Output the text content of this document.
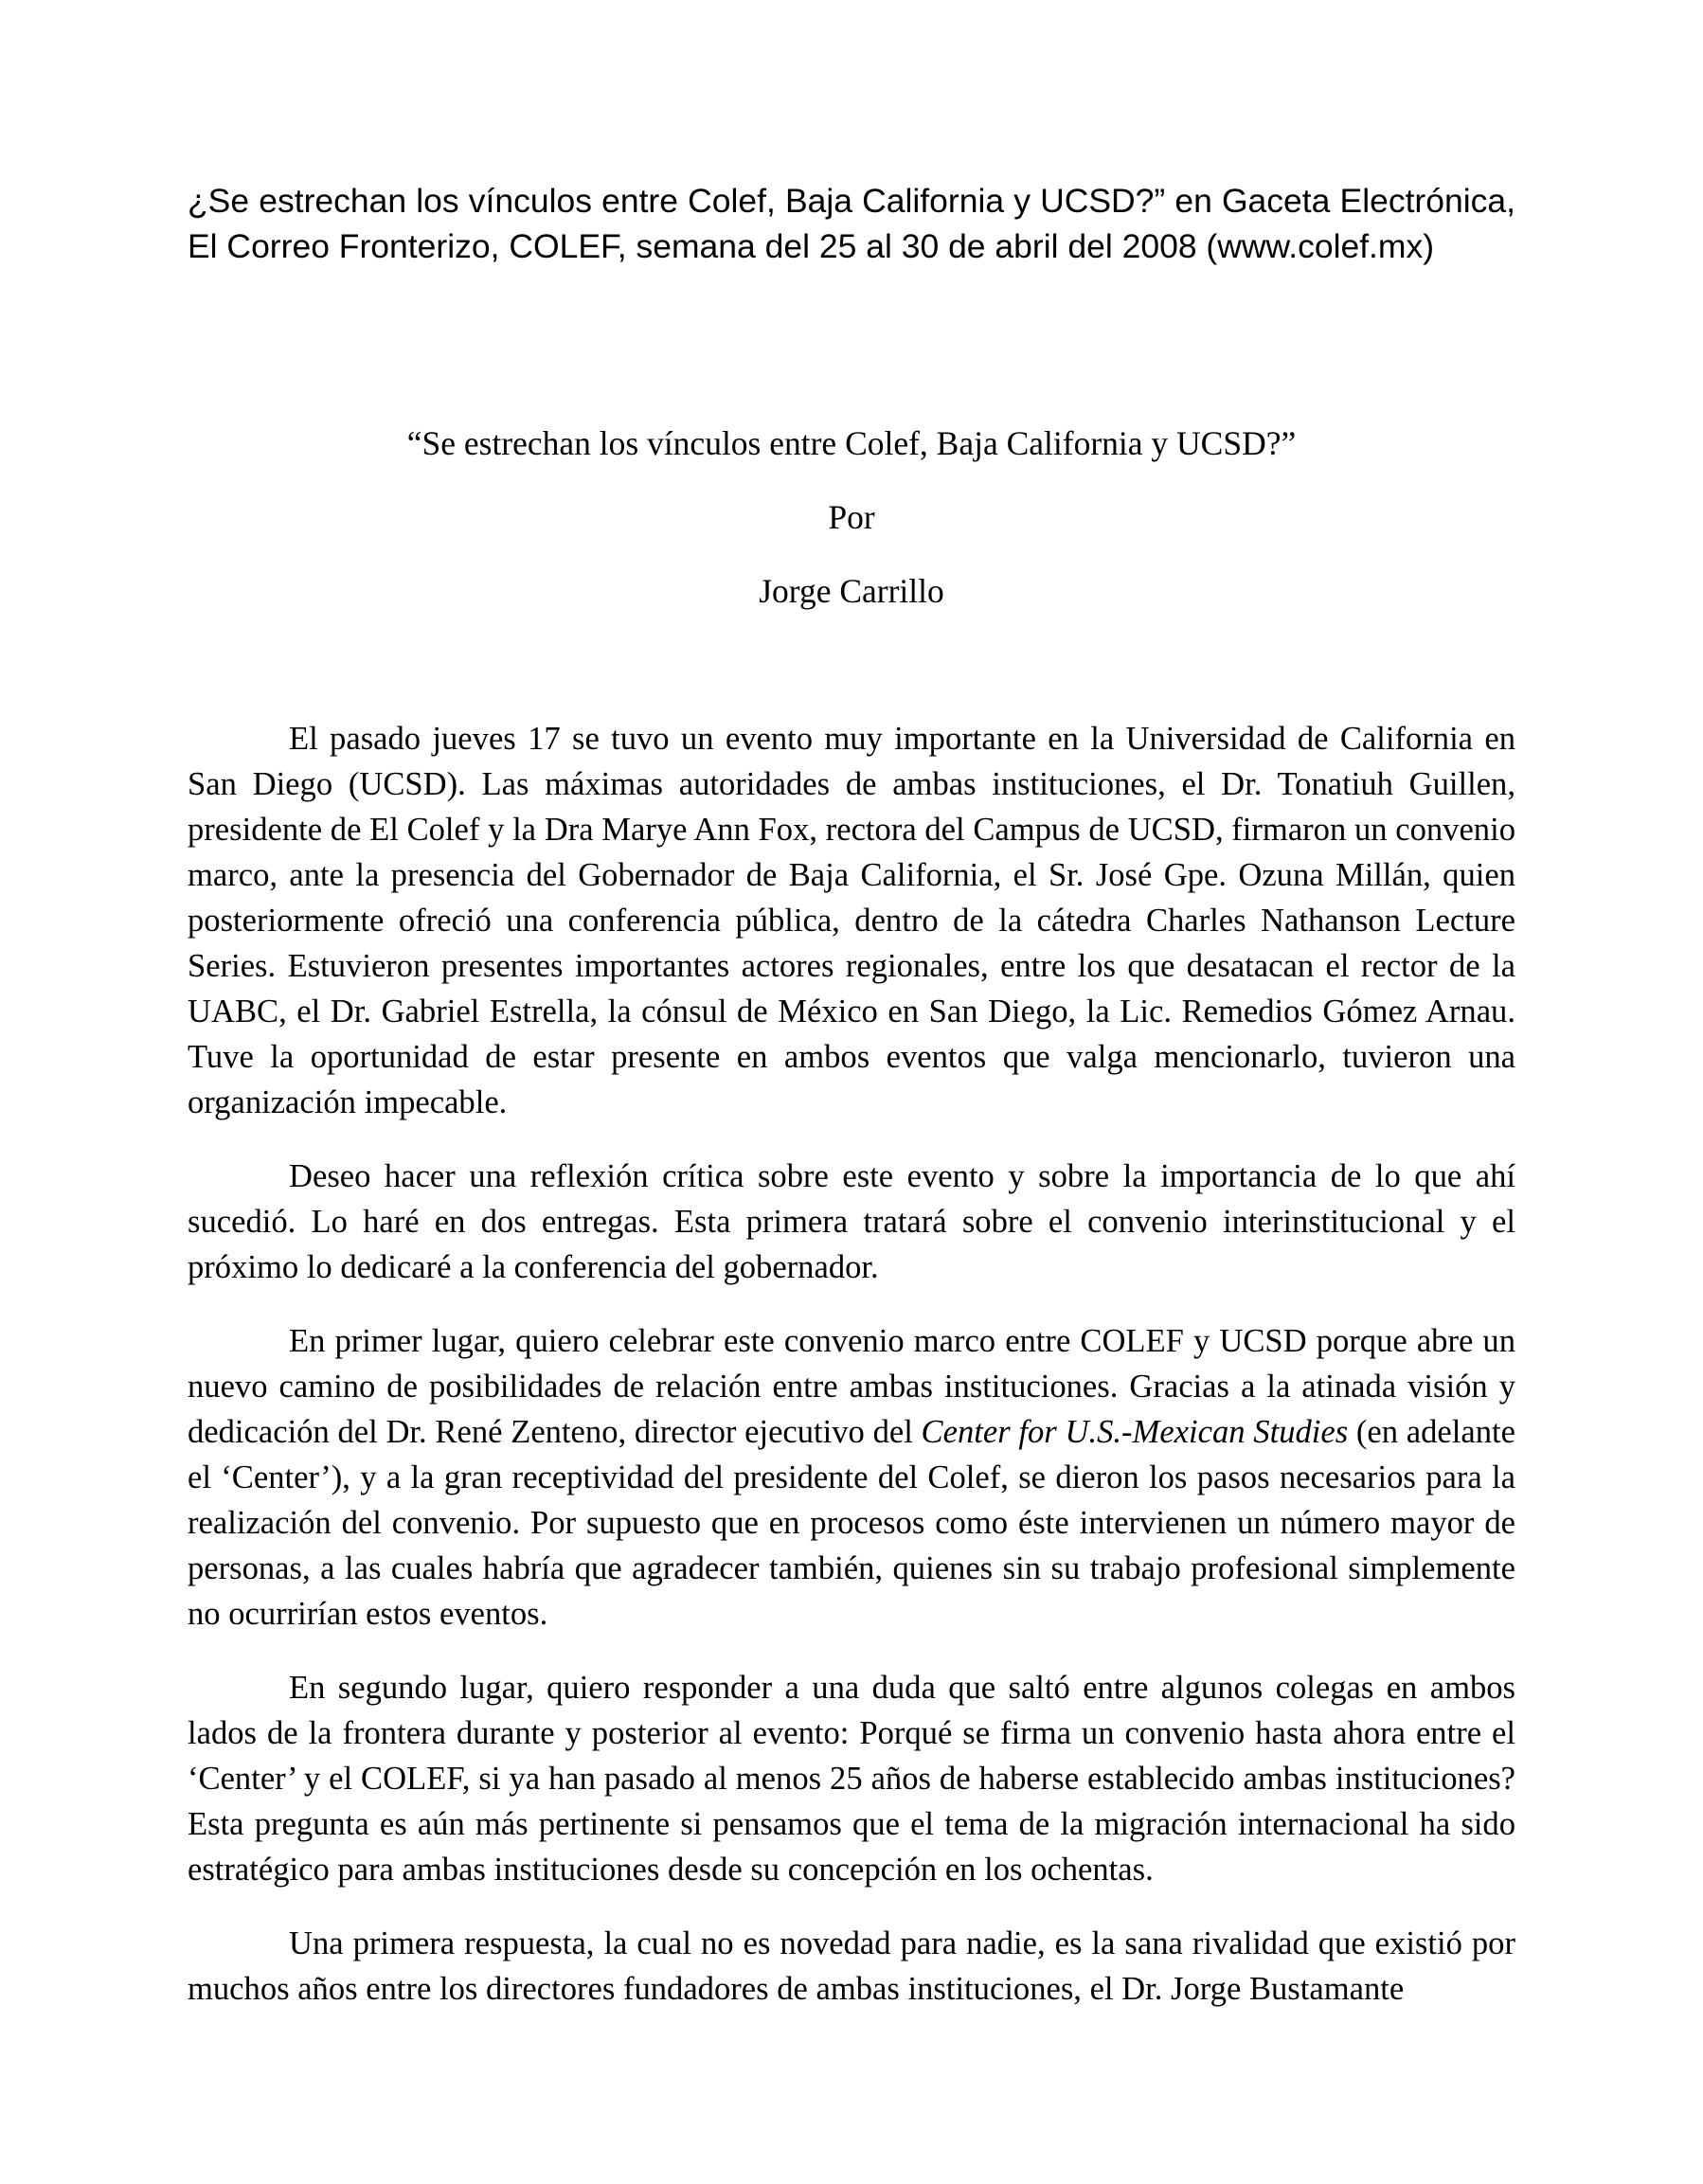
¿Se estrechan los vínculos entre Colef, Baja California y UCSD?” en Gaceta Electrónica, El Correo Fronterizo, COLEF, semana del 25 al 30 de abril del 2008 (www.colef.mx)

“Se estrechan los vínculos entre Colef, Baja California y UCSD?”

Por

Jorge Carrillo

El pasado jueves 17 se tuvo un evento muy importante en la Universidad de California en San Diego (UCSD). Las máximas autoridades de ambas instituciones, el Dr. Tonatiuh Guillen, presidente de El Colef y la Dra Marye Ann Fox, rectora del Campus de UCSD, firmaron un convenio marco, ante la presencia del Gobernador de Baja California, el Sr. José Gpe. Ozuna Millán, quien posteriormente ofreció una conferencia pública, dentro de la cátedra Charles Nathanson Lecture Series. Estuvieron presentes importantes actores regionales, entre los que desatacan el rector de la UABC, el Dr. Gabriel Estrella, la cónsul de México en San Diego, la Lic. Remedios Gómez Arnau. Tuve la oportunidad de estar presente en ambos eventos que valga mencionarlo, tuvieron una organización impecable.

Deseo hacer una reflexión crítica sobre este evento y sobre la importancia de lo que ahí sucedió. Lo haré en dos entregas. Esta primera tratará sobre el convenio interinstitucional y el próximo lo dedicaré a la conferencia del gobernador.

En primer lugar, quiero celebrar este convenio marco entre COLEF y UCSD porque abre un nuevo camino de posibilidades de relación entre ambas instituciones. Gracias a la atinada visión y dedicación del Dr. René Zenteno, director ejecutivo del Center for U.S.-Mexican Studies (en adelante el ‘Center’), y a la gran receptividad del presidente del Colef, se dieron los pasos necesarios para la realización del convenio. Por supuesto que en procesos como éste intervienen un número mayor de personas, a las cuales habría que agradecer también, quienes sin su trabajo profesional simplemente no ocurrirían estos eventos.

En segundo lugar, quiero responder a una duda que saltó entre algunos colegas en ambos lados de la frontera durante y posterior al evento: Porqué se firma un convenio hasta ahora entre el ‘Center’ y el COLEF, si ya han pasado al menos 25 años de haberse establecido ambas instituciones? Esta pregunta es aún más pertinente si pensamos que el tema de la migración internacional ha sido estratégico para ambas instituciones desde su concepción en los ochentas.

Una primera respuesta, la cual no es novedad para nadie, es la sana rivalidad que existió por muchos años entre los directores fundadores de ambas instituciones, el Dr. Jorge Bustamante
